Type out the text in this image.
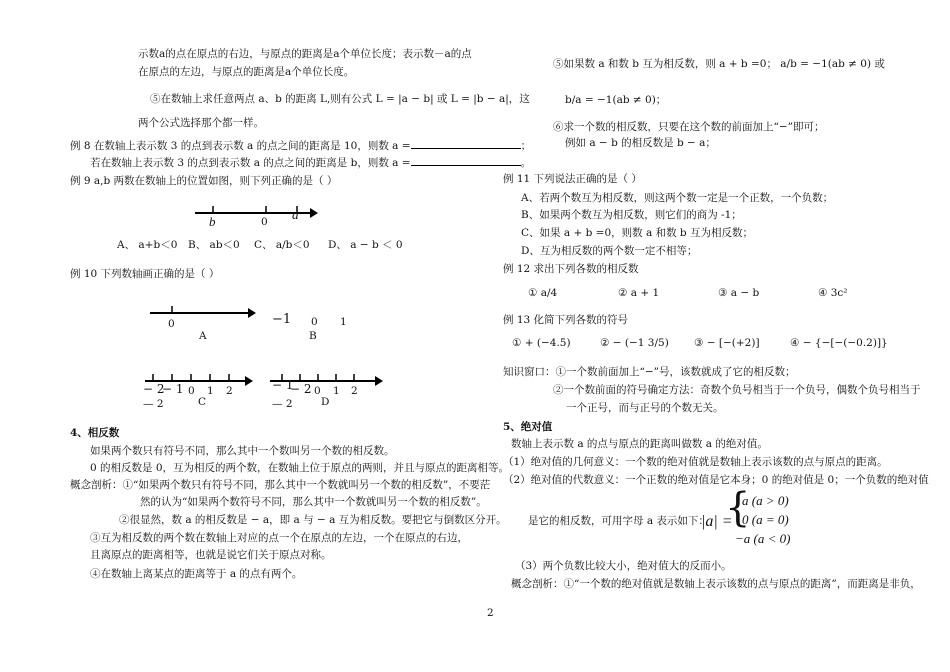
示数a的点在原点的右边，与原点的距离是a个单位长度；表示数－a的点
在原点的左边，与原点的距离是a个单位长度。
⑤在数轴上求任意两点 a、b 的距离 L,则有公式 L = |a − b| 或 L = |b − a|，这
两个公式选择那个都一样。
例 8 在数轴上表示数 3 的点到表示数 a 的点之间的距离是 10，则数 a =	；
若在数轴上表示数 3 的点到表示数 a 的点之间的距离是 b，则数 a =	。
例 9 a,b 两数在数轴上的位置如图，则下列正确的是（ ）
b	0 a
A、 a+b＜0 B、 ab＜0 C、 a/b＜0 D、 a − b ＜ 0
例 10 下列数轴画正确的是（ ）
0
A
−1 0 1
B
− 2
− 1 0 1 2
— 2	C
− 1
− 2 0 1 2
— 2	D
4、相反数
如果两个数只有符号不同，那么其中一个数叫另一个数的相反数。
0 的相反数是 0，互为相反的两个数，在数轴上位于原点的两则，并且与原点的距离相等。
概念剖析：①“如果两个数只有符号不同，那么其中一个数就叫另一个数的相反数”，不要茫
然的认为“如果两个数符号不同，那么其中一个数就叫另一个数的相反数”。
②很显然，数 a 的相反数是 − a，即 a 与 − a 互为相反数。要把它与倒数区分开。
③互为相反数的两个数在数轴上对应的点一个在原点的左边，一个在原点的右边，
且离原点的距离相等，也就是说它们关于原点对称。
④在数轴上离某点的距离等于 a 的点有两个。
⑤如果数 a 和数 b 互为相反数，则 a + b =0； a/b = −1(ab ≠ 0) 或
b/a = −1(ab ≠ 0)；
⑥求一个数的相反数，只要在这个数的前面加上“−”即可；
例如 a − b 的相反数是 b − a；
例 11 下列说法正确的是（ ）
A、若两个数互为相反数，则这两个数一定是一个正数，一个负数；
B、如果两个数互为相反数，则它们的商为 -1；
C、如果 a + b =0，则数 a 和数 b 互为相反数；
D、互为相反数的两个数一定不相等；
例 12 求出下列各数的相反数
① a/4	② a + 1	③ a − b	④ 3c²
例 13 化简下列各数的符号
① + (−4.5)	② − (−1 3/5) ③ − [−(+2)]	④ − {−[−(−0.2)]}
知识窗口：①一个数前面加上“−”号，该数就成了它的相反数；
②一个数前面的符号确定方法：奇数个负号相当于一个负号，偶数个负号相当于
一个正号，而与正号的个数无关。
5、绝对值
数轴上表示数 a 的点与原点的距离叫做数 a 的绝对值。
（1）绝对值的几何意义：一个数的绝对值就是数轴上表示该数的点与原点的距离。
（2）绝对值的代数意义：一个正数的绝对值是它本身；0 的绝对值是 0；一个负数的绝对值
是它的相反数，可用字母 a 表示如下：
|a| =
{
a (a > 0)
0 (a = 0)
−a (a < 0)
（3）两个负数比较大小，绝对值大的反而小。
概念剖析：①“一个数的绝对值就是数轴上表示该数的点与原点的距离”，而距离是非负，
2
